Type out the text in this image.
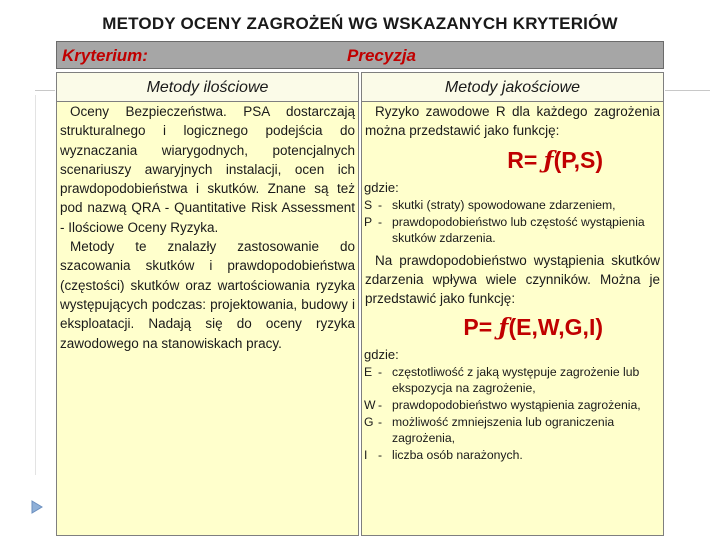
METODY OCENY ZAGROŻEŃ WG WSKAZANYCH KRYTERIÓW
Kryterium:	Precyzja
Metody ilościowe

Oceny Bezpieczeństwa. PSA dostarczają strukturalnego i logicznego podejścia do wyznaczania wiarygodnych, potencjalnych scenariuszy awaryjnych instalacji, ocen ich prawdopodobieństwa i skutków. Znane są też pod nazwą QRA - Quantitative Risk Assessment - Ilościowe Oceny Ryzyka.

Metody te znalazły zastosowanie do szacowania skutków i prawdopodobieństwa (częstości) skutków oraz wartościowania ryzyka występujących podczas: projektowania, budowy i eksploatacji. Nadają się do oceny ryzyka zawodowego na stanowiskach pracy.

Metody jakościowe

Ryzyko zawodowe R dla każdego zagrożenia można przedstawić jako funkcję:

R= ƒ(P,S)
gdzie:
S - skutki (straty) spowodowane zdarzeniem,
P - prawdopodobieństwo lub częstość wystąpienia skutków zdarzenia.

Na prawdopodobieństwo wystąpienia skutków zdarzenia wpływa wiele czynników. Można je przedstawić jako funkcję:

P= ƒ(E,W,G,I)
gdzie:
E - częstotliwość z jaką występuje zagrożenie lub ekspozycja na zagrożenie,
W - prawdopodobieństwo wystąpienia zagrożenia,
G - możliwość zmniejszenia lub ograniczenia zagrożenia,
I - liczba osób narażonych.
